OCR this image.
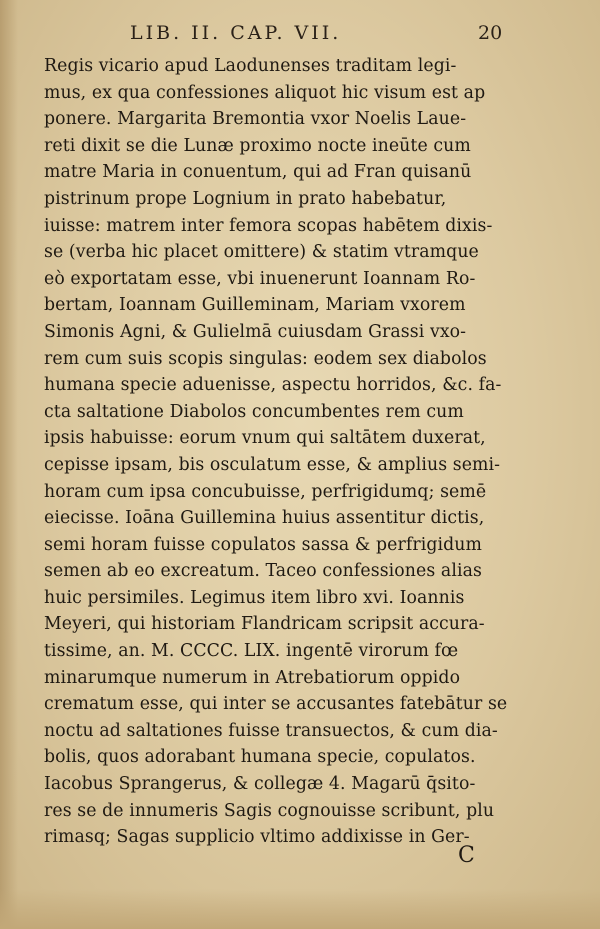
LIB. II. CAP. VII.	20
Regis vicario apud Laodunenses traditam legi-
mus, ex qua confessiones aliquot hic visum est ap
ponere. Margarita Bremontia vxor Noelis Laue-
reti dixit se die Lunæ proximo nocte ineūte cum
matre Maria in conuentum, qui ad Fran quisanū
pistrinum prope Lognium in prato habebatur,
iuisse: matrem inter femora scopas habētem dixis-
se (verba hic placet omittere) & statim vtramque
eò exportatam esse, vbi inuenerunt Ioannam Ro-
bertam, Ioannam Guilleminam, Mariam vxorem
Simonis Agni, & Gulielmā cuiusdam Grassi vxo-
rem cum suis scopis singulas: eodem sex diabolos
humana specie aduenisse, aspectu horridos, &c. fa-
cta saltatione Diabolos concumbentes rem cum
ipsis habuisse: eorum vnum qui saltātem duxerat,
cepisse ipsam, bis osculatum esse, & amplius semi-
horam cum ipsa concubuisse, perfrigidumq; semē
eiecisse. Ioāna Guillemina huius assentitur dictis,
semi horam fuisse copulatos sassa & perfrigidum
semen ab eo excreatum. Taceo confessiones alias
huic persimiles. Legimus item libro xvi. Ioannis
Meyeri, qui historiam Flandricam scripsit accura-
tissime, an. M. CCCC. LIX. ingentē virorum fœ
minarumque numerum in Atrebatiorum oppido
crematum esse, qui inter se accusantes fatebātur se
noctu ad saltationes fuisse transuectos, & cum dia-
bolis, quos adorabant humana specie, copulatos.
Iacobus Sprangerus, & collegæ 4. Magarū q̄sito-
res se de innumeris Sagis cognouisse scribunt, plu
rimasq; Sagas supplicio vltimo addixisse in Ger-
C
